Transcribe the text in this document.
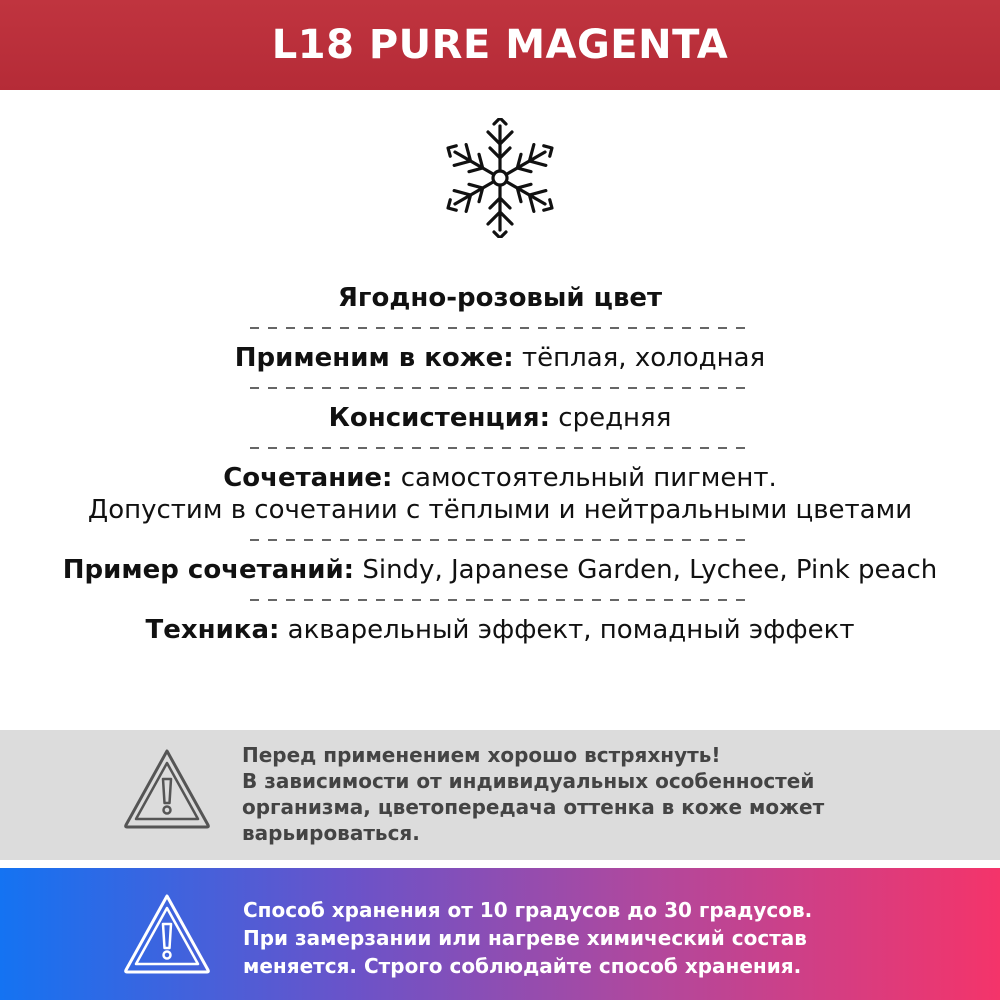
L18 PURE MAGENTA
Ягодно-розовый цвет
Применим в коже: тёплая, холодная
Консистенция: средняя
Сочетание: самостоятельный пигмент.
Допустим в сочетании с тёплыми и нейтральными цветами
Пример сочетаний: Sindy, Japanese Garden, Lychee, Pink peach
Техника: акварельный эффект, помадный эффект
Перед применением хорошо встряхнуть!
В зависимости от индивидуальных особенностей
организма, цветопередача оттенка в коже может
варьироваться.
Способ хранения от 10 градусов до 30 градусов.
При замерзании или нагреве химический состав
меняется. Строго соблюдайте способ хранения.
